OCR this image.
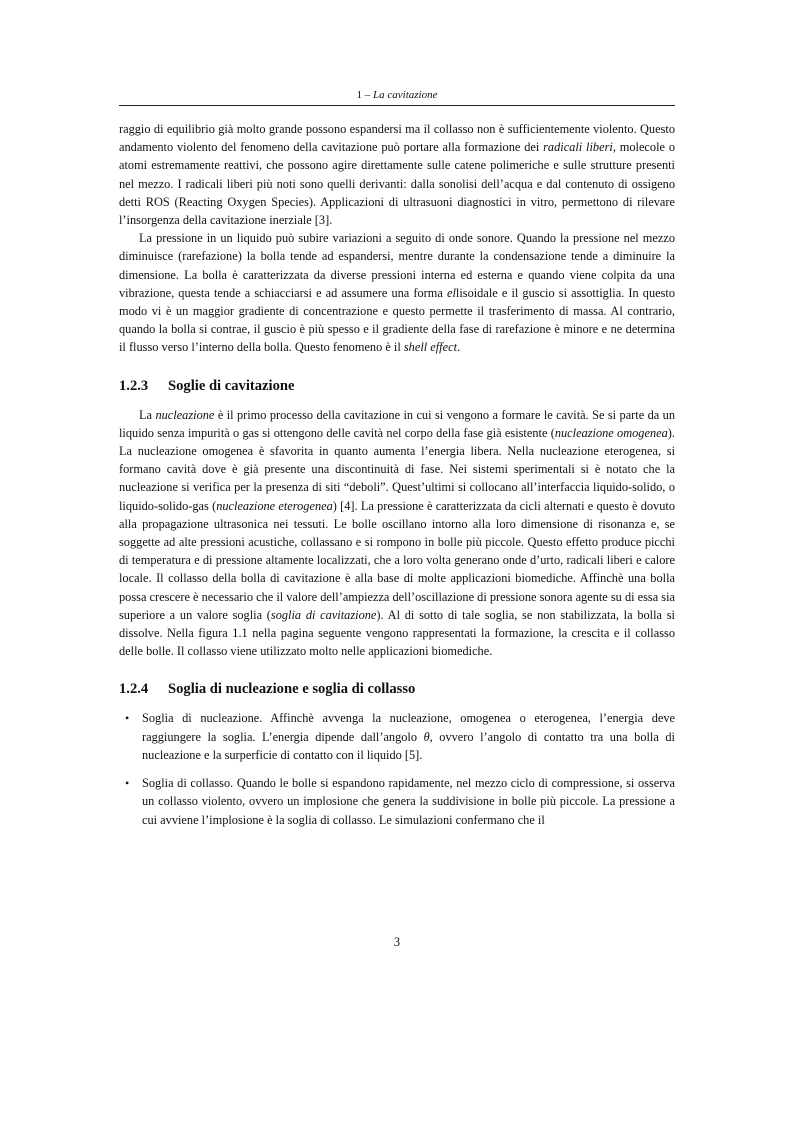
1 – La cavitazione

raggio di equilibrio già molto grande possono espandersi ma il collasso non è sufficientemente violento. Questo andamento violento del fenomeno della cavitazione può portare alla formazione dei radicali liberi, molecole o atomi estremamente reattivi, che possono agire direttamente sulle catene polimeriche e sulle strutture presenti nel mezzo. I radicali liberi più noti sono quelli derivanti: dalla sonolisi dell’acqua e dal contenuto di ossigeno detti ROS (Reacting Oxygen Species). Applicazioni di ultrasuoni diagnostici in vitro, permettono di rilevare l’insorgenza della cavitazione inerziale [3].

La pressione in un liquido può subire variazioni a seguito di onde sonore. Quando la pressione nel mezzo diminuisce (rarefazione) la bolla tende ad espandersi, mentre durante la condensazione tende a diminuire la dimensione. La bolla è caratterizzata da diverse pressioni interna ed esterna e quando viene colpita da una vibrazione, questa tende a schiacciarsi e ad assumere una forma ellisoidale e il guscio si assottiglia. In questo modo vi è un maggior gradiente di concentrazione e questo permette il trasferimento di massa. Al contrario, quando la bolla si contrae, il guscio è più spesso e il gradiente della fase di rarefazione è minore e ne determina il flusso verso l’interno della bolla. Questo fenomeno è il shell effect.

1.2.3 Soglie di cavitazione

La nucleazione è il primo processo della cavitazione in cui si vengono a formare le cavità. Se si parte da un liquido senza impurità o gas si ottengono delle cavità nel corpo della fase già esistente (nucleazione omogenea). La nucleazione omogenea è sfavorita in quanto aumenta l’energia libera. Nella nucleazione eterogenea, si formano cavità dove è già presente una discontinuità di fase. Nei sistemi sperimentali si è notato che la nucleazione si verifica per la presenza di siti “deboli”. Quest’ultimi si collocano all’interfaccia liquido-solido, o liquido-solido-gas (nucleazione eterogenea) [4]. La pressione è caratterizzata da cicli alternati e questo è dovuto alla propagazione ultrasonica nei tessuti. Le bolle oscillano intorno alla loro dimensione di risonanza e, se soggette ad alte pressioni acustiche, collassano e si rompono in bolle più piccole. Questo effetto produce picchi di temperatura e di pressione altamente localizzati, che a loro volta generano onde d’urto, radicali liberi e calore locale. Il collasso della bolla di cavitazione è alla base di molte applicazioni biomediche. Affinchè una bolla possa crescere è necessario che il valore dell’ampiezza dell’oscillazione di pressione sonora agente su di essa sia superiore a un valore soglia (soglia di cavitazione). Al di sotto di tale soglia, se non stabilizzata, la bolla si dissolve. Nella figura 1.1 nella pagina seguente vengono rappresentati la formazione, la crescita e il collasso delle bolle. Il collasso viene utilizzato molto nelle applicazioni biomediche.

1.2.4 Soglia di nucleazione e soglia di collasso
• Soglia di nucleazione. Affinchè avvenga la nucleazione, omogenea o eterogenea, l’energia deve raggiungere la soglia. L’energia dipende dall’angolo θ, ovvero l’angolo di contatto tra una bolla di nucleazione e la surperficie di contatto con il liquido [5].

• Soglia di collasso. Quando le bolle si espandono rapidamente, nel mezzo ciclo di compressione, si osserva un collasso violento, ovvero un implosione che genera la suddivisione in bolle più piccole. La pressione a cui avviene l’implosione è la soglia di collasso. Le simulazioni confermano che il

3
